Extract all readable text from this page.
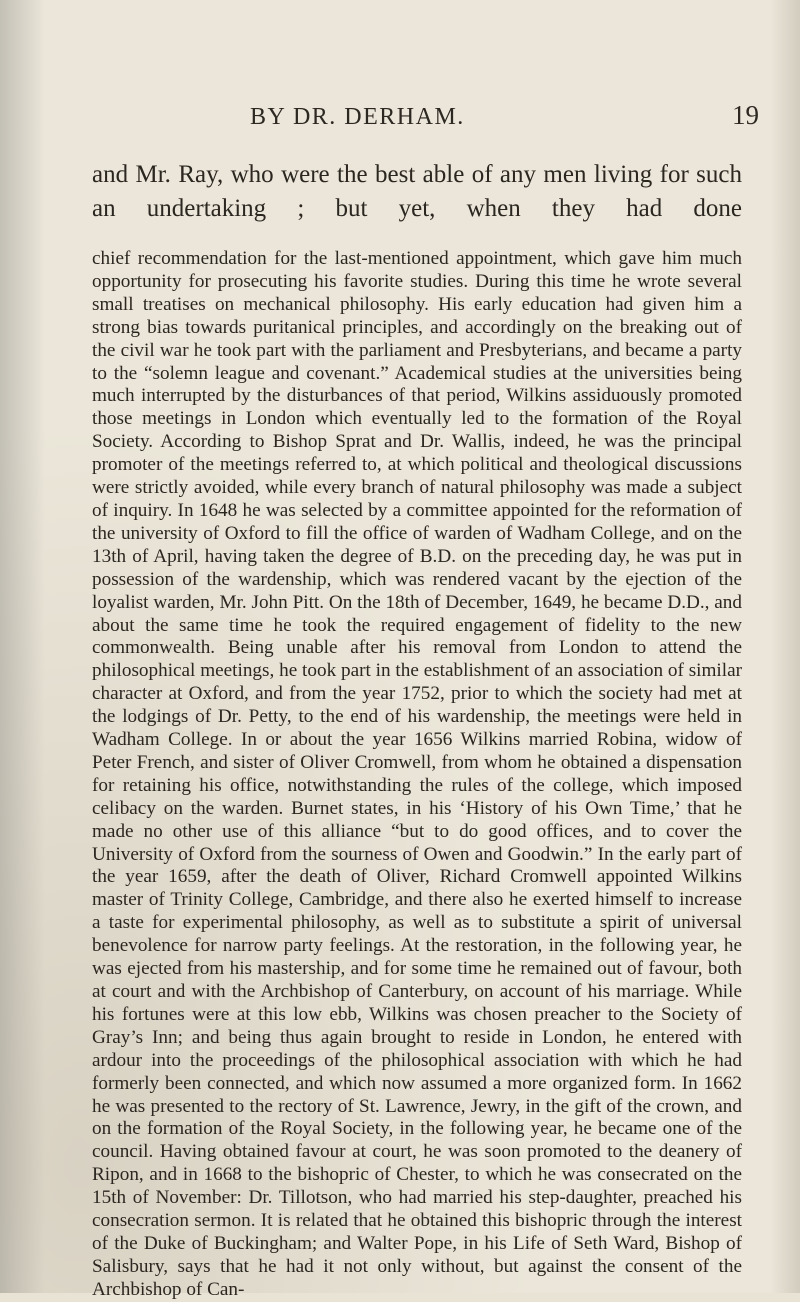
BY DR. DERHAM.	19

and Mr. Ray, who were the best able of any men living for such an undertaking ; but yet, when they had done

chief recommendation for the last-mentioned appointment, which gave him much opportunity for prosecuting his favorite studies. During this time he wrote several small treatises on mechanical philosophy. His early education had given him a strong bias towards puritanical principles, and accordingly on the breaking out of the civil war he took part with the parliament and Presbyterians, and became a party to the “solemn league and covenant.” Academical studies at the universities being much interrupted by the disturbances of that period, Wilkins assiduously promoted those meetings in London which eventually led to the formation of the Royal Society. According to Bishop Sprat and Dr. Wallis, indeed, he was the principal promoter of the meetings referred to, at which political and theological discussions were strictly avoided, while every branch of natural philosophy was made a subject of inquiry. In 1648 he was selected by a committee appointed for the reformation of the university of Oxford to fill the office of warden of Wadham College, and on the 13th of April, having taken the degree of B.D. on the preceding day, he was put in possession of the wardenship, which was rendered vacant by the ejection of the loyalist warden, Mr. John Pitt. On the 18th of December, 1649, he became D.D., and about the same time he took the required engagement of fidelity to the new commonwealth. Being unable after his removal from London to attend the philosophical meetings, he took part in the establishment of an association of similar character at Oxford, and from the year 1752, prior to which the society had met at the lodgings of Dr. Petty, to the end of his wardenship, the meetings were held in Wadham College. In or about the year 1656 Wilkins married Robina, widow of Peter French, and sister of Oliver Cromwell, from whom he obtained a dispensation for retaining his office, notwithstanding the rules of the college, which imposed celibacy on the warden. Burnet states, in his ‘History of his Own Time,’ that he made no other use of this alliance “but to do good offices, and to cover the University of Oxford from the sourness of Owen and Goodwin.” In the early part of the year 1659, after the death of Oliver, Richard Cromwell appointed Wilkins master of Trinity College, Cambridge, and there also he exerted himself to increase a taste for experimental philosophy, as well as to substitute a spirit of universal benevolence for narrow party feelings. At the restoration, in the following year, he was ejected from his mastership, and for some time he remained out of favour, both at court and with the Archbishop of Canterbury, on account of his marriage. While his fortunes were at this low ebb, Wilkins was chosen preacher to the Society of Gray’s Inn; and being thus again brought to reside in London, he entered with ardour into the proceedings of the philosophical association with which he had formerly been connected, and which now assumed a more organized form. In 1662 he was presented to the rectory of St. Lawrence, Jewry, in the gift of the crown, and on the formation of the Royal Society, in the following year, he became one of the council. Having obtained favour at court, he was soon promoted to the deanery of Ripon, and in 1668 to the bishopric of Chester, to which he was consecrated on the 15th of November: Dr. Tillotson, who had married his step-daughter, preached his consecration sermon. It is related that he obtained this bishopric through the interest of the Duke of Buckingham; and Walter Pope, in his Life of Seth Ward, Bishop of Salisbury, says that he had it not only without, but against the consent of the Archbishop of Can-
